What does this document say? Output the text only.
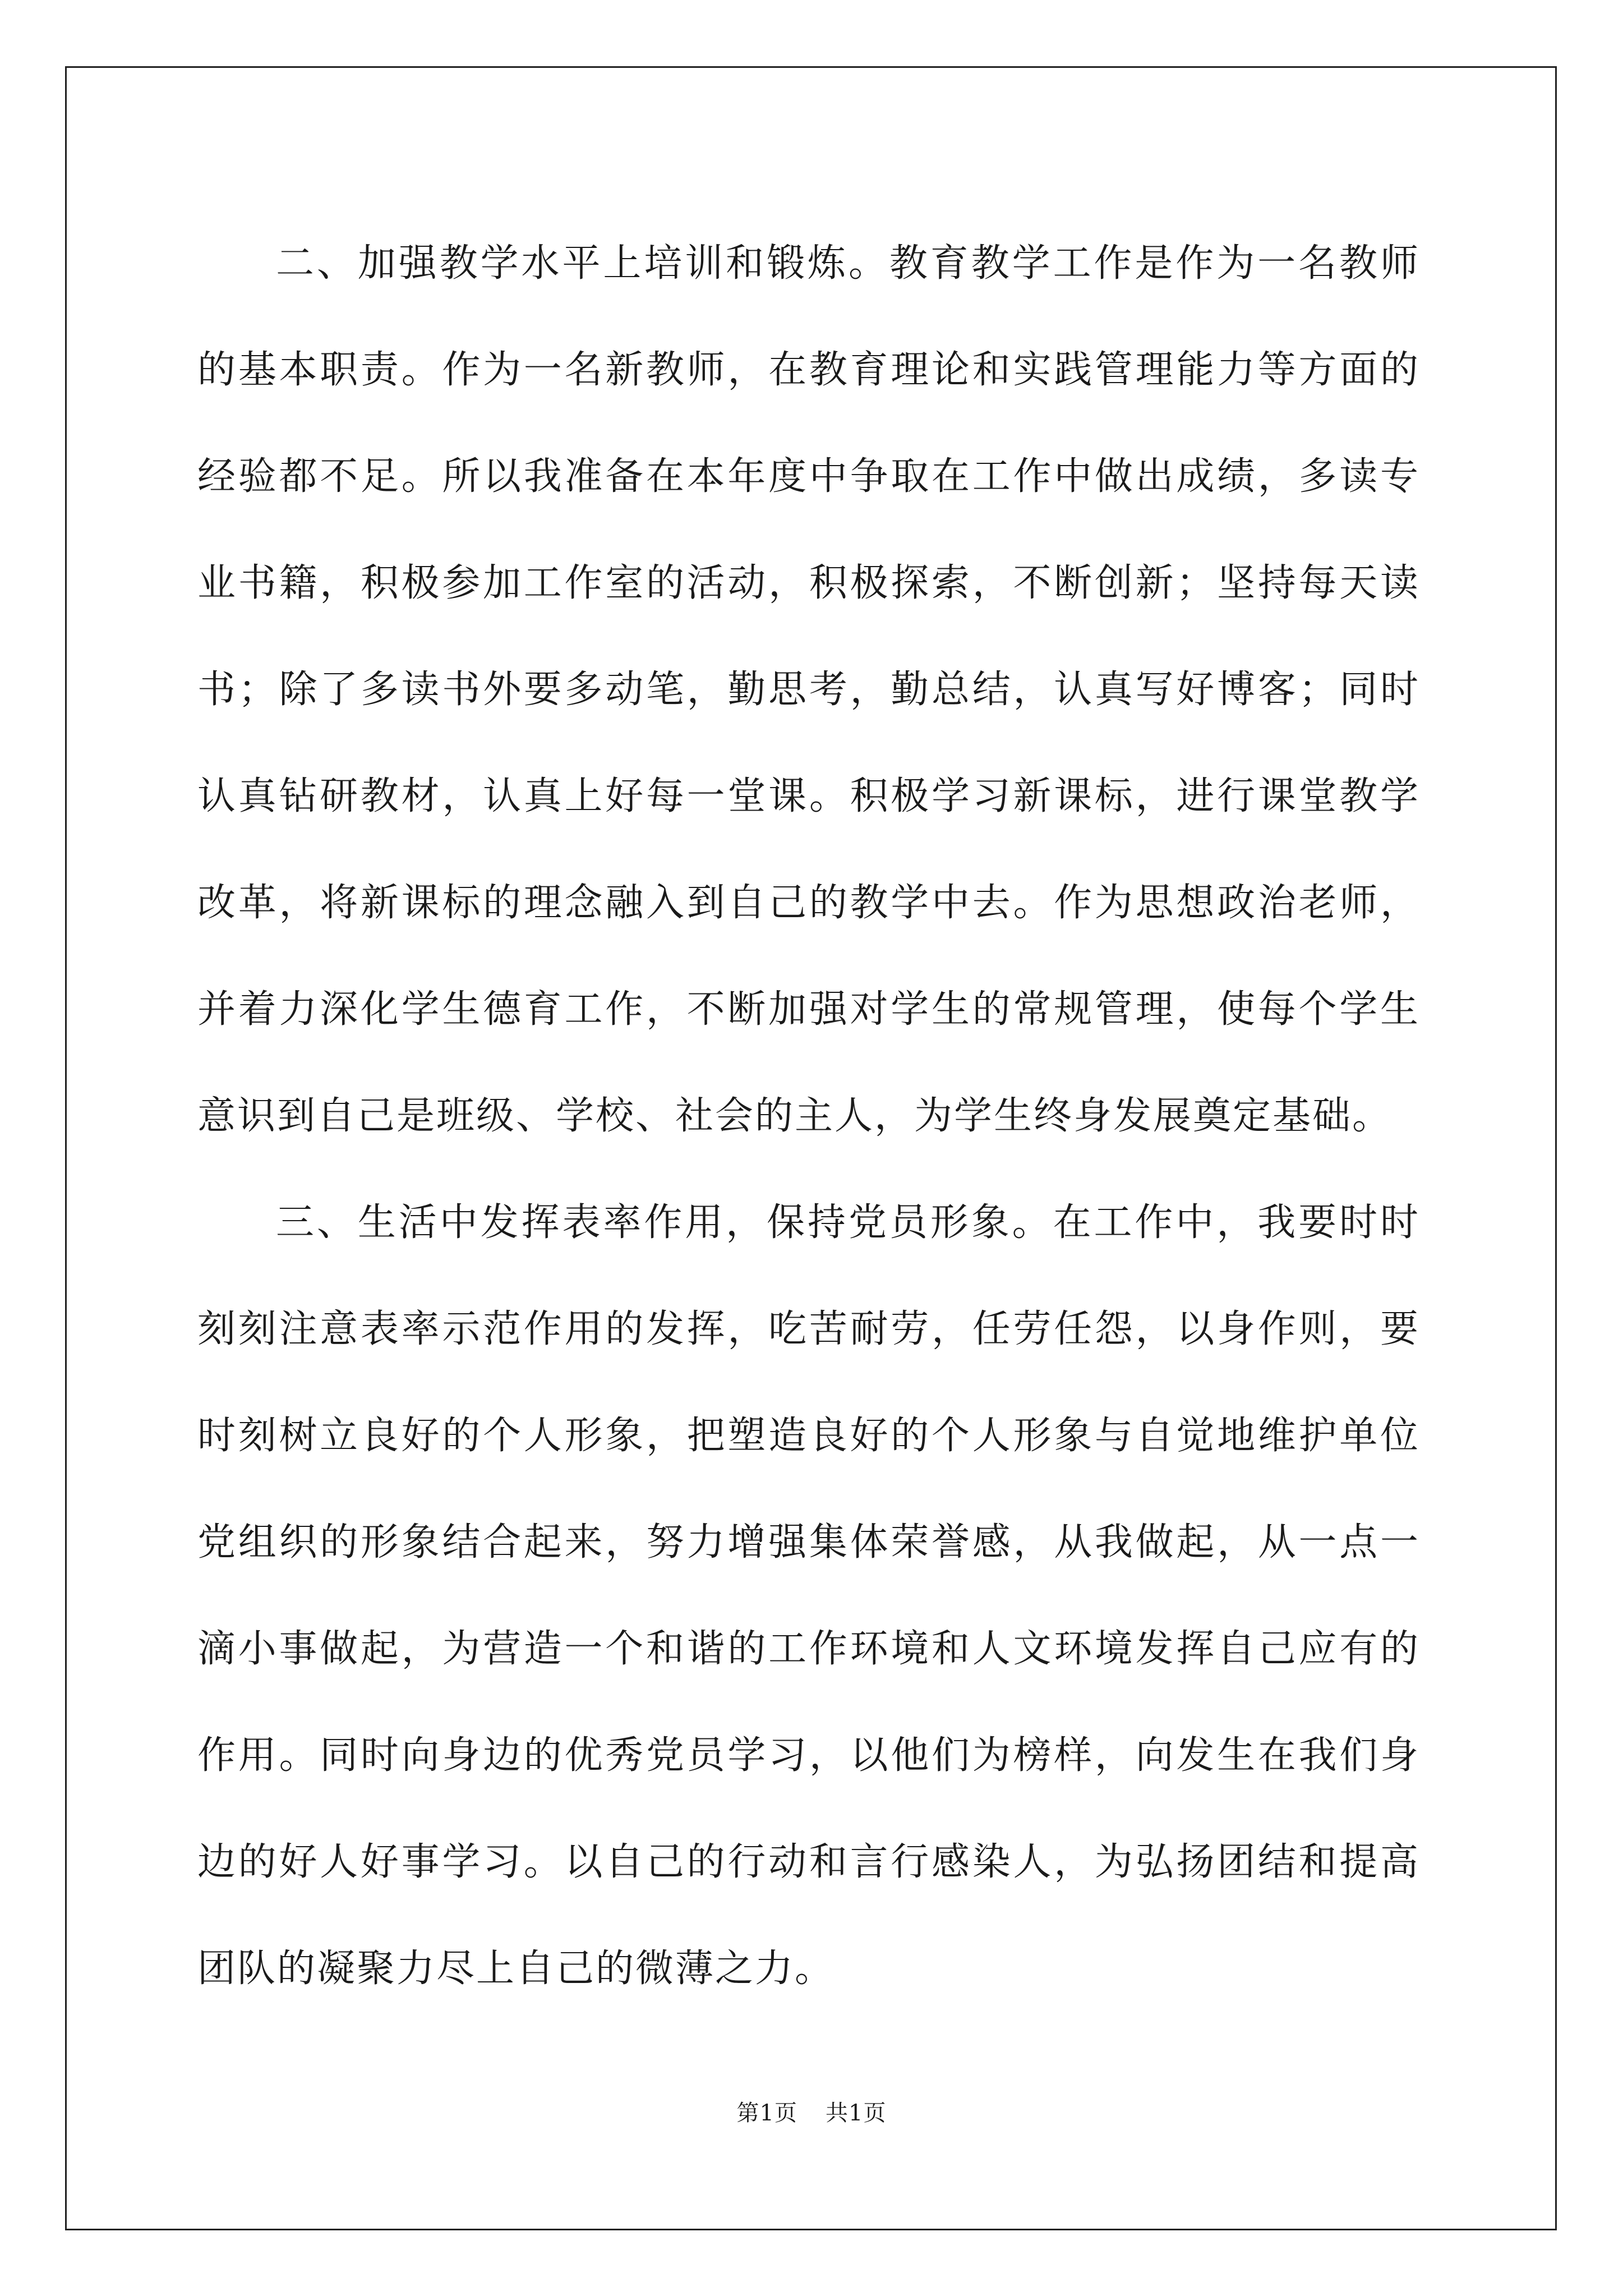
二、加强教学水平上培训和锻炼。教育教学工作是作为一名教师的基本职责。作为一名新教师，在教育理论和实践管理能力等方面的经验都不足。所以我准备在本年度中争取在工作中做出成绩，多读专业书籍，积极参加工作室的活动，积极探索，不断创新；坚持每天读书；除了多读书外要多动笔，勤思考，勤总结，认真写好博客；同时认真钻研教材，认真上好每一堂课。积极学习新课标，进行课堂教学改革，将新课标的理念融入到自己的教学中去。作为思想政治老师，并着力深化学生德育工作，不断加强对学生的常规管理，使每个学生意识到自己是班级、学校、社会的主人，为学生终身发展奠定基础。

三、生活中发挥表率作用，保持党员形象。在工作中，我要时时刻刻注意表率示范作用的发挥，吃苦耐劳，任劳任怨，以身作则，要时刻树立良好的个人形象，把塑造良好的个人形象与自觉地维护单位党组织的形象结合起来，努力增强集体荣誉感，从我做起，从一点一滴小事做起，为营造一个和谐的工作环境和人文环境发挥自己应有的作用。同时向身边的优秀党员学习，以他们为榜样，向发生在我们身边的好人好事学习。以自己的行动和言行感染人，为弘扬团结和提高团队的凝聚力尽上自己的微薄之力。

第1页 共1页
